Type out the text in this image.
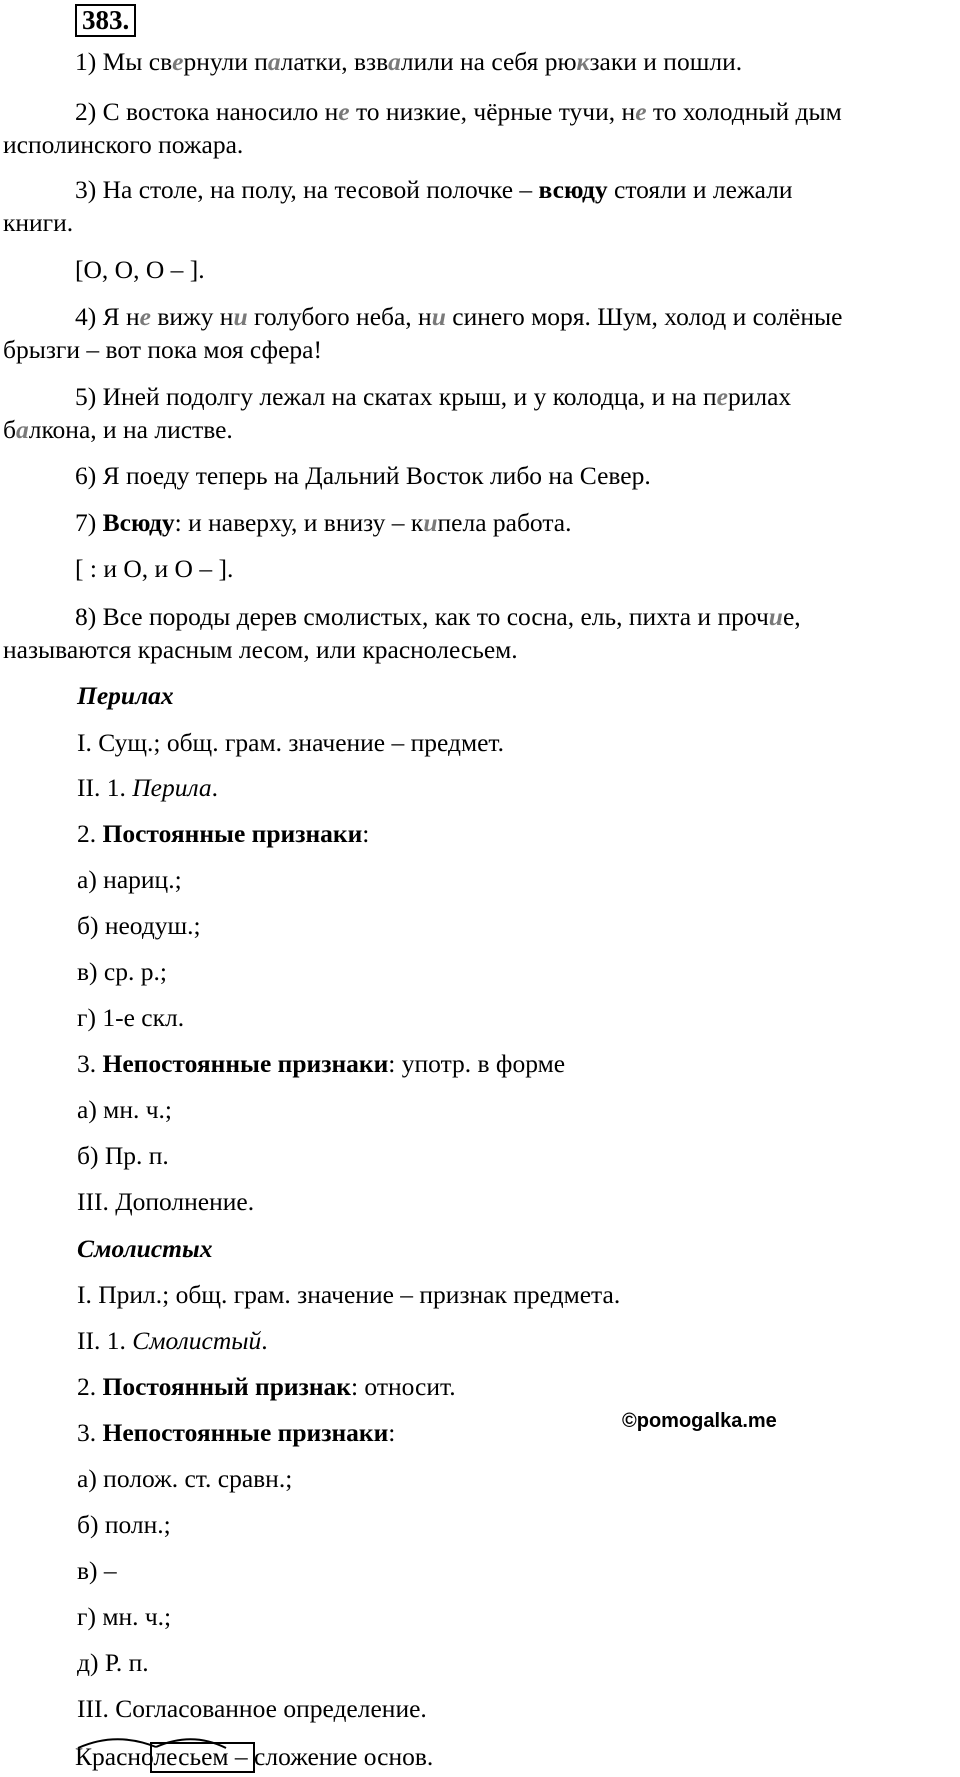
383.
1) Мы свернули палатки, взвалили на себя рюкзаки и пошли.
2) С востока наносило не то низкие, чёрные тучи, не то холодный дым
исполинского пожара.
3) На столе, на полу, на тесовой полочке – всюду стояли и лежали
книги.
[О, О, О – ].
4) Я не вижу ни голубого неба, ни синего моря. Шум, холод и солёные
брызги – вот пока моя сфера!
5) Иней подолгу лежал на скатах крыш, и у колодца, и на перилах
балкона, и на листве.
6) Я поеду теперь на Дальний Восток либо на Север.
7) Всюду: и наверху, и внизу – кипела работа.
[ : и О, и О – ].
8) Все породы дерев смолистых, как то сосна, ель, пихта и прочие,
называются красным лесом, или краснолесьем.
Перилах
I. Сущ.; общ. грам. значение – предмет.
II. 1. Перила.
2. Постоянные признаки:
а) нариц.;
б) неодуш.;
в) ср. р.;
г) 1-е скл.
3. Непостоянные признаки: употр. в форме
а) мн. ч.;
б) Пр. п.
III. Дополнение.
Смолистых
I. Прил.; общ. грам. значение – признак предмета.
II. 1. Смолистый.
2. Постоянный признак: относит.
3. Непостоянные признаки:
а) полож. ст. сравн.;
б) полн.;
в) –
г) мн. ч.;
д) Р. п.
III. Согласованное определение.
Краснолесьем – сложение основ.
©pomogalka.me
